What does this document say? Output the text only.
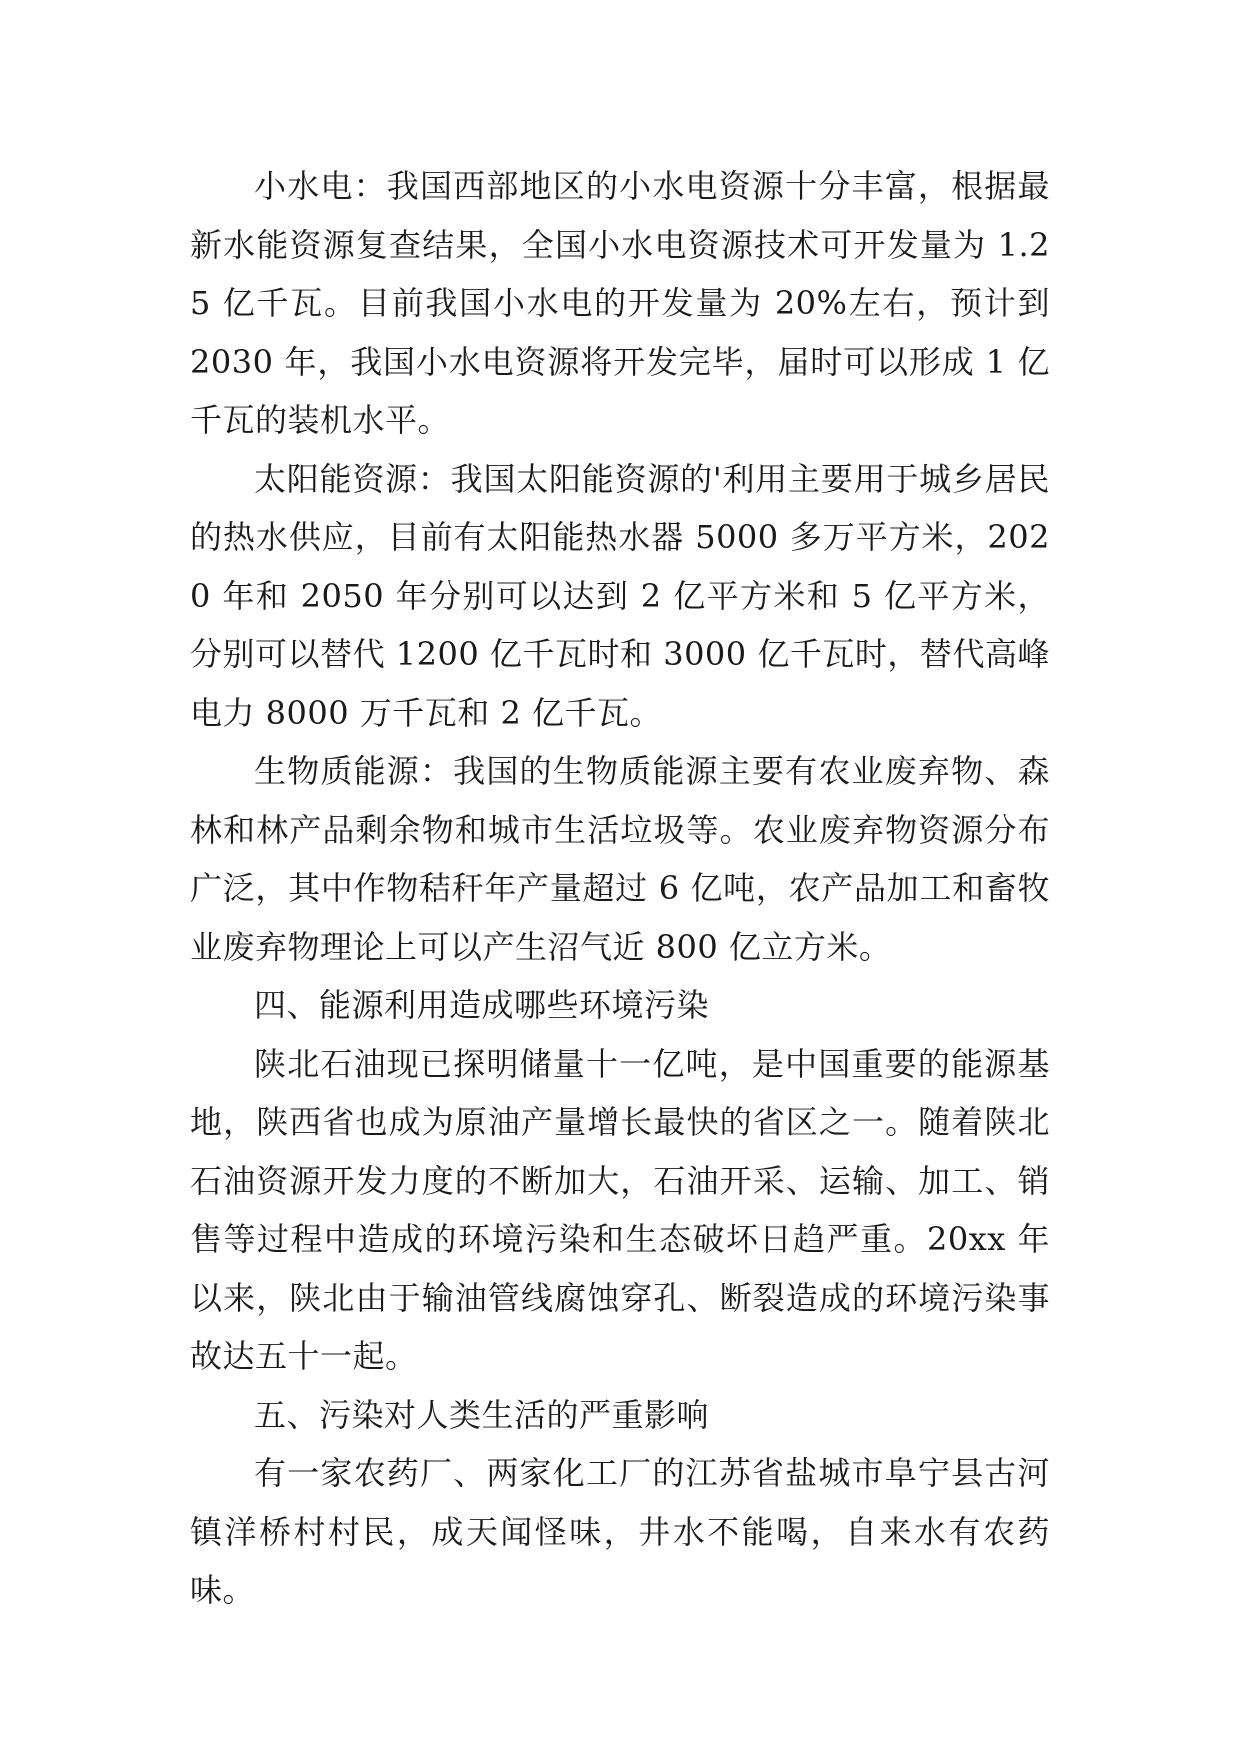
小水电：我国西部地区的小水电资源十分丰富，根据最新水能资源复查结果，全国小水电资源技术可开发量为 1.25 亿千瓦。目前我国小水电的开发量为 20%左右，预计到 2030 年，我国小水电资源将开发完毕，届时可以形成 1 亿千瓦的装机水平。

太阳能资源：我国太阳能资源的'利用主要用于城乡居民的热水供应，目前有太阳能热水器 5000 多万平方米，2020 年和 2050 年分别可以达到 2 亿平方米和 5 亿平方米，分别可以替代 1200 亿千瓦时和 3000 亿千瓦时，替代高峰电力 8000 万千瓦和 2 亿千瓦。

生物质能源：我国的生物质能源主要有农业废弃物、森林和林产品剩余物和城市生活垃圾等。农业废弃物资源分布广泛，其中作物秸秆年产量超过 6 亿吨，农产品加工和畜牧业废弃物理论上可以产生沼气近 800 亿立方米。

四、能源利用造成哪些环境污染

陕北石油现已探明储量十一亿吨，是中国重要的能源基地，陕西省也成为原油产量增长最快的省区之一。随着陕北石油资源开发力度的不断加大，石油开采、运输、加工、销售等过程中造成的环境污染和生态破坏日趋严重。20xx 年以来，陕北由于输油管线腐蚀穿孔、断裂造成的环境污染事故达五十一起。

五、污染对人类生活的严重影响

有一家农药厂、两家化工厂的江苏省盐城市阜宁县古河镇洋桥村村民，成天闻怪味，井水不能喝，自来水有农药味。
